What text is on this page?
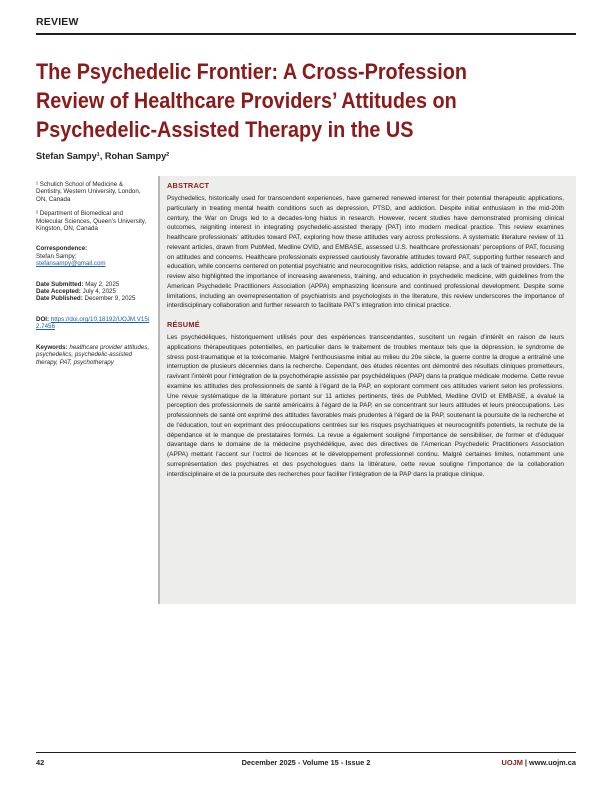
REVIEW
The Psychedelic Frontier: A Cross-Profession
Review of Healthcare Providers’ Attitudes on
Psychedelic-Assisted Therapy in the US
Stefan Sampy¹, Rohan Sampy²
¹ Schulich School of Medicine & Dentistry, Western University, London, ON, Canada
² Department of Biomedical and Molecular Sciences, Queen’s University, Kingston, ON, Canada
Correspondence:
Stefan Sampy;
stefansampy@gmail.com
Date Submitted: May 2, 2025
Date Accepted: July 4, 2025
Date Published: December 9, 2025
DOI: https://doi.org/10.18192/UOJM.V15i2.7456
Keywords: healthcare provider attitudes, psychedelics, psychedelic-assisted therapy, PAT, psychotherapy
ABSTRACT

Psychedelics, historically used for transcendent experiences, have garnered renewed interest for their potential therapeutic applications, particularly in treating mental health conditions such as depression, PTSD, and addiction. Despite initial enthusiasm in the mid-20th century, the War on Drugs led to a decades-long hiatus in research. However, recent studies have demonstrated promising clinical outcomes, reigniting interest in integrating psychedelic-assisted therapy (PAT) into modern medical practice. This review examines healthcare professionals’ attitudes toward PAT, exploring how these attitudes vary across professions. A systematic literature review of 11 relevant articles, drawn from PubMed, Medline OVID, and EMBASE, assessed U.S. healthcare professionals’ perceptions of PAT, focusing on attitudes and concerns. Healthcare professionals expressed cautiously favorable attitudes toward PAT, supporting further research and education, while concerns centered on potential psychiatric and neurocognitive risks, addiction relapse, and a lack of trained providers. The review also highlighted the importance of increasing awareness, training, and education in psychedelic medicine, with guidelines from the American Psychedelic Practitioners Association (APPA) emphasizing licensure and continued professional development. Despite some limitations, including an overrepresentation of psychiatrists and psychologists in the literature, this review underscores the importance of interdisciplinary collaboration and further research to facilitate PAT’s integration into clinical practice.

RÉSUMÉ

Les psychédéliques, historiquement utilisés pour des expériences transcendantes, suscitent un regain d’intérêt en raison de leurs applications thérapeutiques potentielles, en particulier dans le traitement de troubles mentaux tels que la dépression, le syndrome de stress post-traumatique et la toxicomanie. Malgré l’enthousiasme initial au milieu du 20e siècle, la guerre contre la drogue a entraîné une interruption de plusieurs décennies dans la recherche. Cependant, des études récentes ont démontré des résultats cliniques prometteurs, ravivant l’intérêt pour l’intégration de la psychothérapie assistée par psychédéliques (PAP) dans la pratique médicale moderne. Cette revue examine les attitudes des professionnels de santé à l’égard de la PAP, en explorant comment ces attitudes varient selon les professions. Une revue systématique de la littérature portant sur 11 articles pertinents, tirés de PubMed, Medline OVID et EMBASE, a évalué la perception des professionnels de santé américains à l’égard de la PAP, en se concentrant sur leurs attitudes et leurs préoccupations. Les professionnels de santé ont exprimé des attitudes favorables mais prudentes à l’égard de la PAP, soutenant la poursuite de la recherche et de l’éducation, tout en exprimant des préoccupations centrées sur les risques psychiatriques et neurocognitifs potentiels, la rechute de la dépendance et le manque de prestataires formés. La revue a également souligné l’importance de sensibiliser, de former et d’éduquer davantage dans le domaine de la médecine psychédélique, avec des directives de l’American Psychedelic Practitioners Association (APPA) mettant l’accent sur l’octroi de licences et le développement professionnel continu. Malgré certaines limites, notamment une surreprésentation des psychiatres et des psychologues dans la littérature, cette revue souligne l’importance de la collaboration interdisciplinaire et de la poursuite des recherches pour faciliter l’intégration de la PAP dans la pratique clinique.

42	December 2025 - Volume 15 - Issue 2	UOJM | www.uojm.ca
